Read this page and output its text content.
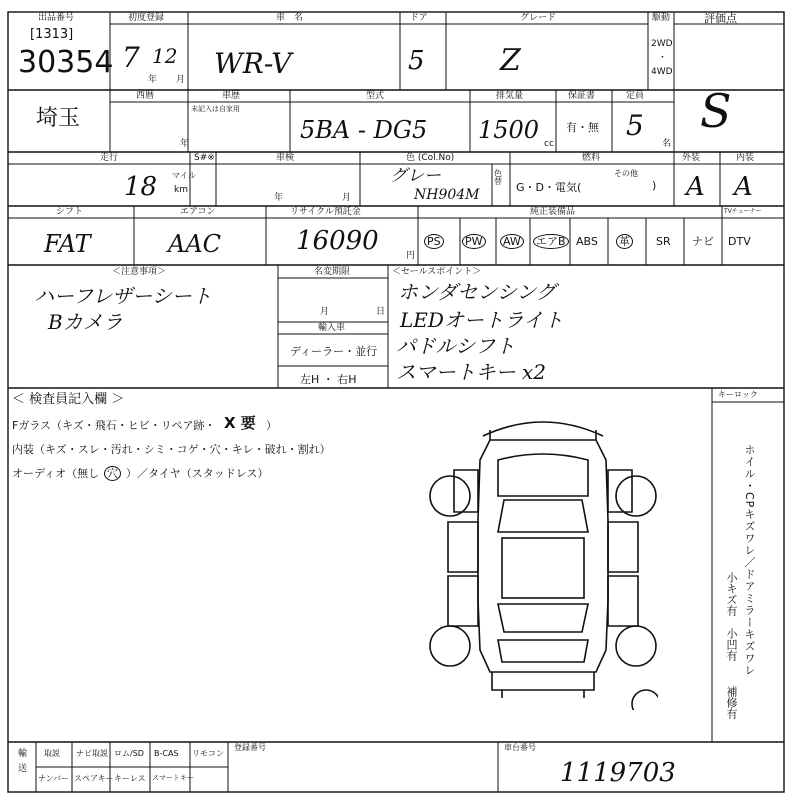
出品番号
[1313]
30354
初度登録
7 12
年 月
車　名
WR-V
ドア
5
グレード
Z
駆動
2WD
・
4WD
評価点
S
埼玉
西暦	車歴
未記入は自家用
年
型式
5BA - DG5
排気量
1500 cc
保証書
有・無
定員
5
名
走行	S#※
18 マイル
km
車検
年	月
色 (Col.No)
グレー
NH904M
色替
燃料
G・D・電気(
その他
)
外装
A
内装
A
シフト
FAT
エアコン
AAC
リサイクル預託金
16090	円
純正装備品	TVチューナー
PS PW AW エアB ABS 革 SR ナビ DTV
＜注意事項＞
ハーフレザーシート
Bカメラ
名変期限
月	日
輸入車
ディーラー・並行
左H ・ 右H
＜セールスポイント＞
ホンダセンシング
LEDオートライト
パドルシフト
スマートキー x2
＜ 検査員記入欄 ＞
Fガラス（キズ・飛石・ヒビ・リペア跡・ X 要 ）
内装（キズ・スレ・汚れ・シミ・コゲ・穴・キレ・破れ・割れ）
オーディオ（無し 穴 ）／タイヤ（スタッドレス）
キーロック
ホイル・CPキズワレ／ドアミラーキズワレ
小キズ有
小凹有
補修有
輸送 取説 ナビ取説 ロム/SD B-CAS リモコン
ナンバー スペアキー キーレス スマートキー
登録番号	車台番号
1119703
